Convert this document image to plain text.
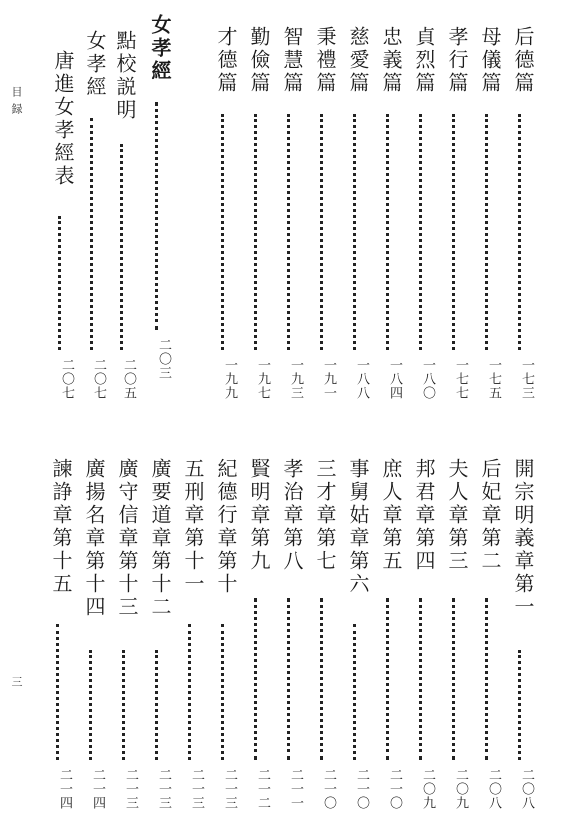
目録
三
后德篇
一七三
母儀篇
一七五
孝行篇
一七七
貞烈篇
一八〇
忠義篇
一八四
慈愛篇
一八八
秉禮篇
一九一
智慧篇
一九三
勤儉篇
一九七
才德篇
一九九
女孝經
二〇三
點校説明
二〇五
女孝經
二〇七
唐進女孝經表
二〇七
開宗明義章第一
二〇八
后妃章第二
二〇八
夫人章第三
二〇九
邦君章第四
二〇九
庶人章第五
二一〇
事舅姑章第六
二一〇
三才章第七
二一〇
孝治章第八
二一一
賢明章第九
二一二
紀德行章第十
二一三
五刑章第十一
二一三
廣要道章第十二
二一三
廣守信章第十三
二一三
廣揚名章第十四
二一四
諫諍章第十五
二一四
